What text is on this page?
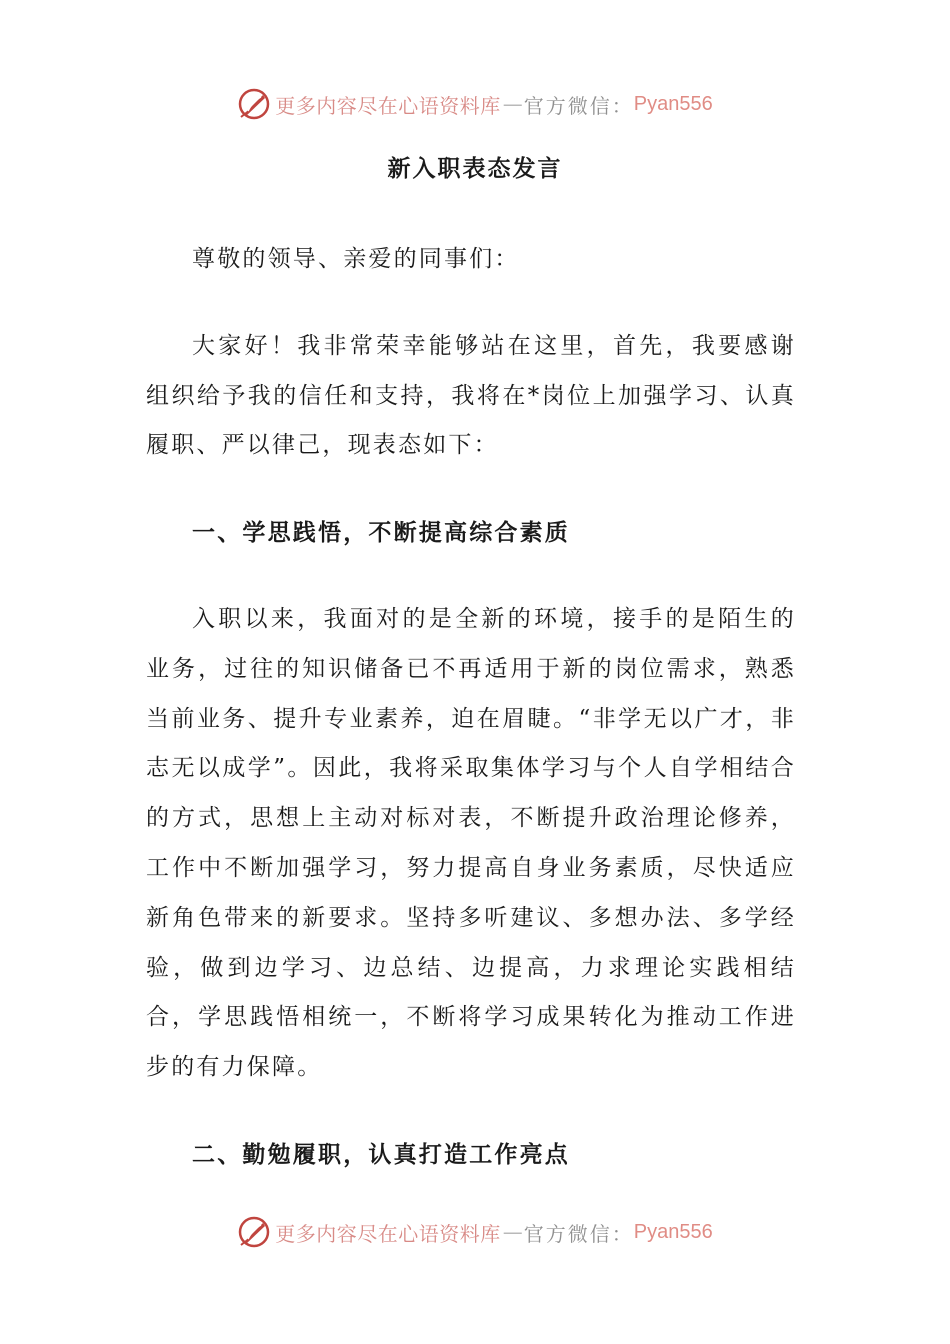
更多内容尽在心语资料库 — 官方微信： Pyan556
新入职表态发言

尊敬的领导、亲爱的同事们：

大家好！我非常荣幸能够站在这里，首先，我要感谢组织给予我的信任和支持，我将在*岗位上加强学习、认真履职、严以律己，现表态如下：

一、学思践悟，不断提高综合素质

入职以来，我面对的是全新的环境，接手的是陌生的业务，过往的知识储备已不再适用于新的岗位需求，熟悉当前业务、提升专业素养，迫在眉睫。“非学无以广才，非志无以成学”。因此，我将采取集体学习与个人自学相结合的方式，思想上主动对标对表，不断提升政治理论修养，工作中不断加强学习，努力提高自身业务素质，尽快适应新角色带来的新要求。坚持多听建议、多想办法、多学经验，做到边学习、边总结、边提高，力求理论实践相结合，学思践悟相统一，不断将学习成果转化为推动工作进步的有力保障。

二、勤勉履职，认真打造工作亮点

更多内容尽在心语资料库 — 官方微信： Pyan556
